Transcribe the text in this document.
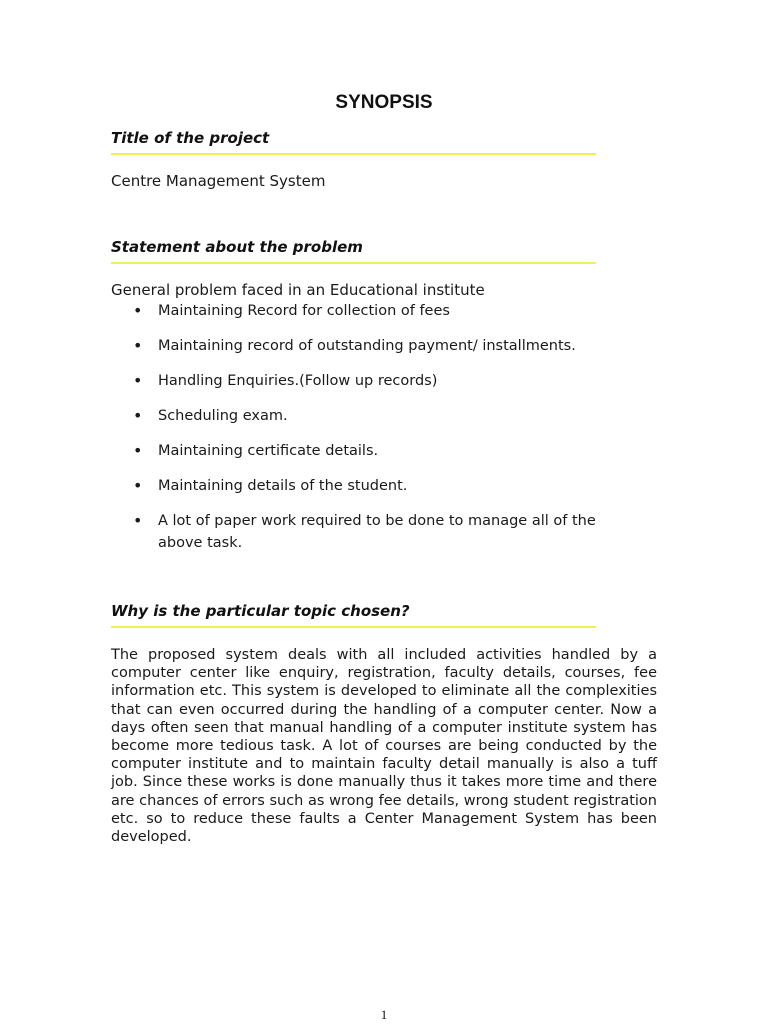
SYNOPSIS

Title of the project

Centre Management System

Statement about the problem

General problem faced in an Educational institute

• Maintaining Record for collection of fees
• Maintaining record of outstanding payment/ installments.
• Handling Enquiries.(Follow up records)
• Scheduling exam.
• Maintaining certificate details.
• Maintaining details of the student.
• A lot of paper work required to be done to manage all of the above task.

Why is the particular topic chosen?

The proposed system deals with all included activities handled by a computer center like enquiry, registration, faculty details, courses, fee information etc. This system is developed to eliminate all the complexities that can even occurred during the handling of a computer center. Now a days often seen that manual handling of a computer institute system has become more tedious task. A lot of courses are being conducted by the computer institute and to maintain faculty detail manually is also a tuff job. Since these works is done manually thus it takes more time and there are chances of errors such as wrong fee details, wrong student registration etc. so to reduce these faults a Center Management System has been developed.

1
